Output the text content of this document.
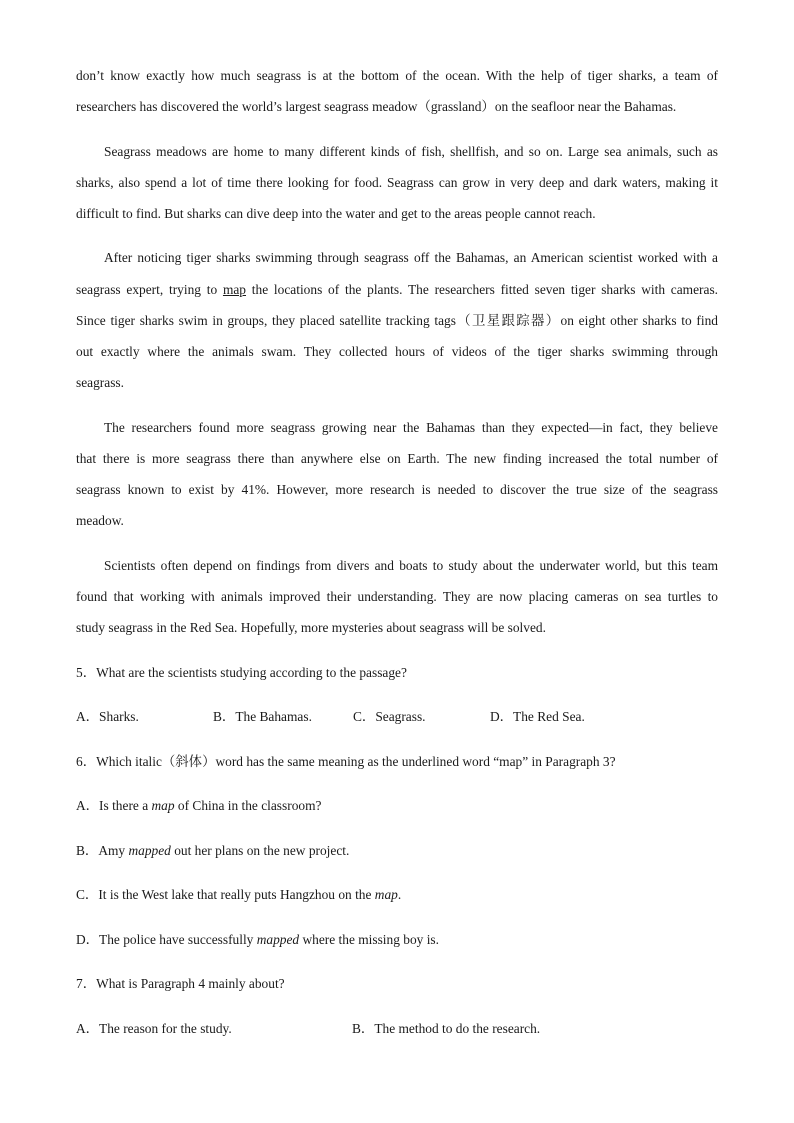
don’t know exactly how much seagrass is at the bottom of the ocean. With the help of tiger sharks, a team of
researchers has discovered the world’s largest seagrass meadow（grassland）on the seafloor near the Bahamas.
Seagrass meadows are home to many different kinds of fish, shellfish, and so on. Large sea animals, such as
sharks, also spend a lot of time there looking for food. Seagrass can grow in very deep and dark waters, making it
difficult to find. But sharks can dive deep into the water and get to the areas people cannot reach.
After noticing tiger sharks swimming through seagrass off the Bahamas, an American scientist worked with a
seagrass expert, trying to map the locations of the plants. The researchers fitted seven tiger sharks with cameras.
Since tiger sharks swim in groups, they placed satellite tracking tags（卫星跟踪器）on eight other sharks to find
out exactly where the animals swam. They collected hours of videos of the tiger sharks swimming through
seagrass.
The researchers found more seagrass growing near the Bahamas than they expected—in fact, they believe
that there is more seagrass there than anywhere else on Earth. The new finding increased the total number of
seagrass known to exist by 41%. However, more research is needed to discover the true size of the seagrass
meadow.
Scientists often depend on findings from divers and boats to study about the underwater world, but this team
found that working with animals improved their understanding. They are now placing cameras on sea turtles to
study seagrass in the Red Sea. Hopefully, more mysteries about seagrass will be solved.
5．What are the scientists studying according to the passage?
A．Sharks.	B．The Bahamas.	C．Seagrass.	D．The Red Sea.
6．Which italic（斜体）word has the same meaning as the underlined word “map” in Paragraph 3?
A．Is there a map of China in the classroom?
B．Amy mapped out her plans on the new project.
C．It is the West lake that really puts Hangzhou on the map.
D．The police have successfully mapped where the missing boy is.
7．What is Paragraph 4 mainly about?
A．The reason for the study.	B．The method to do the research.
